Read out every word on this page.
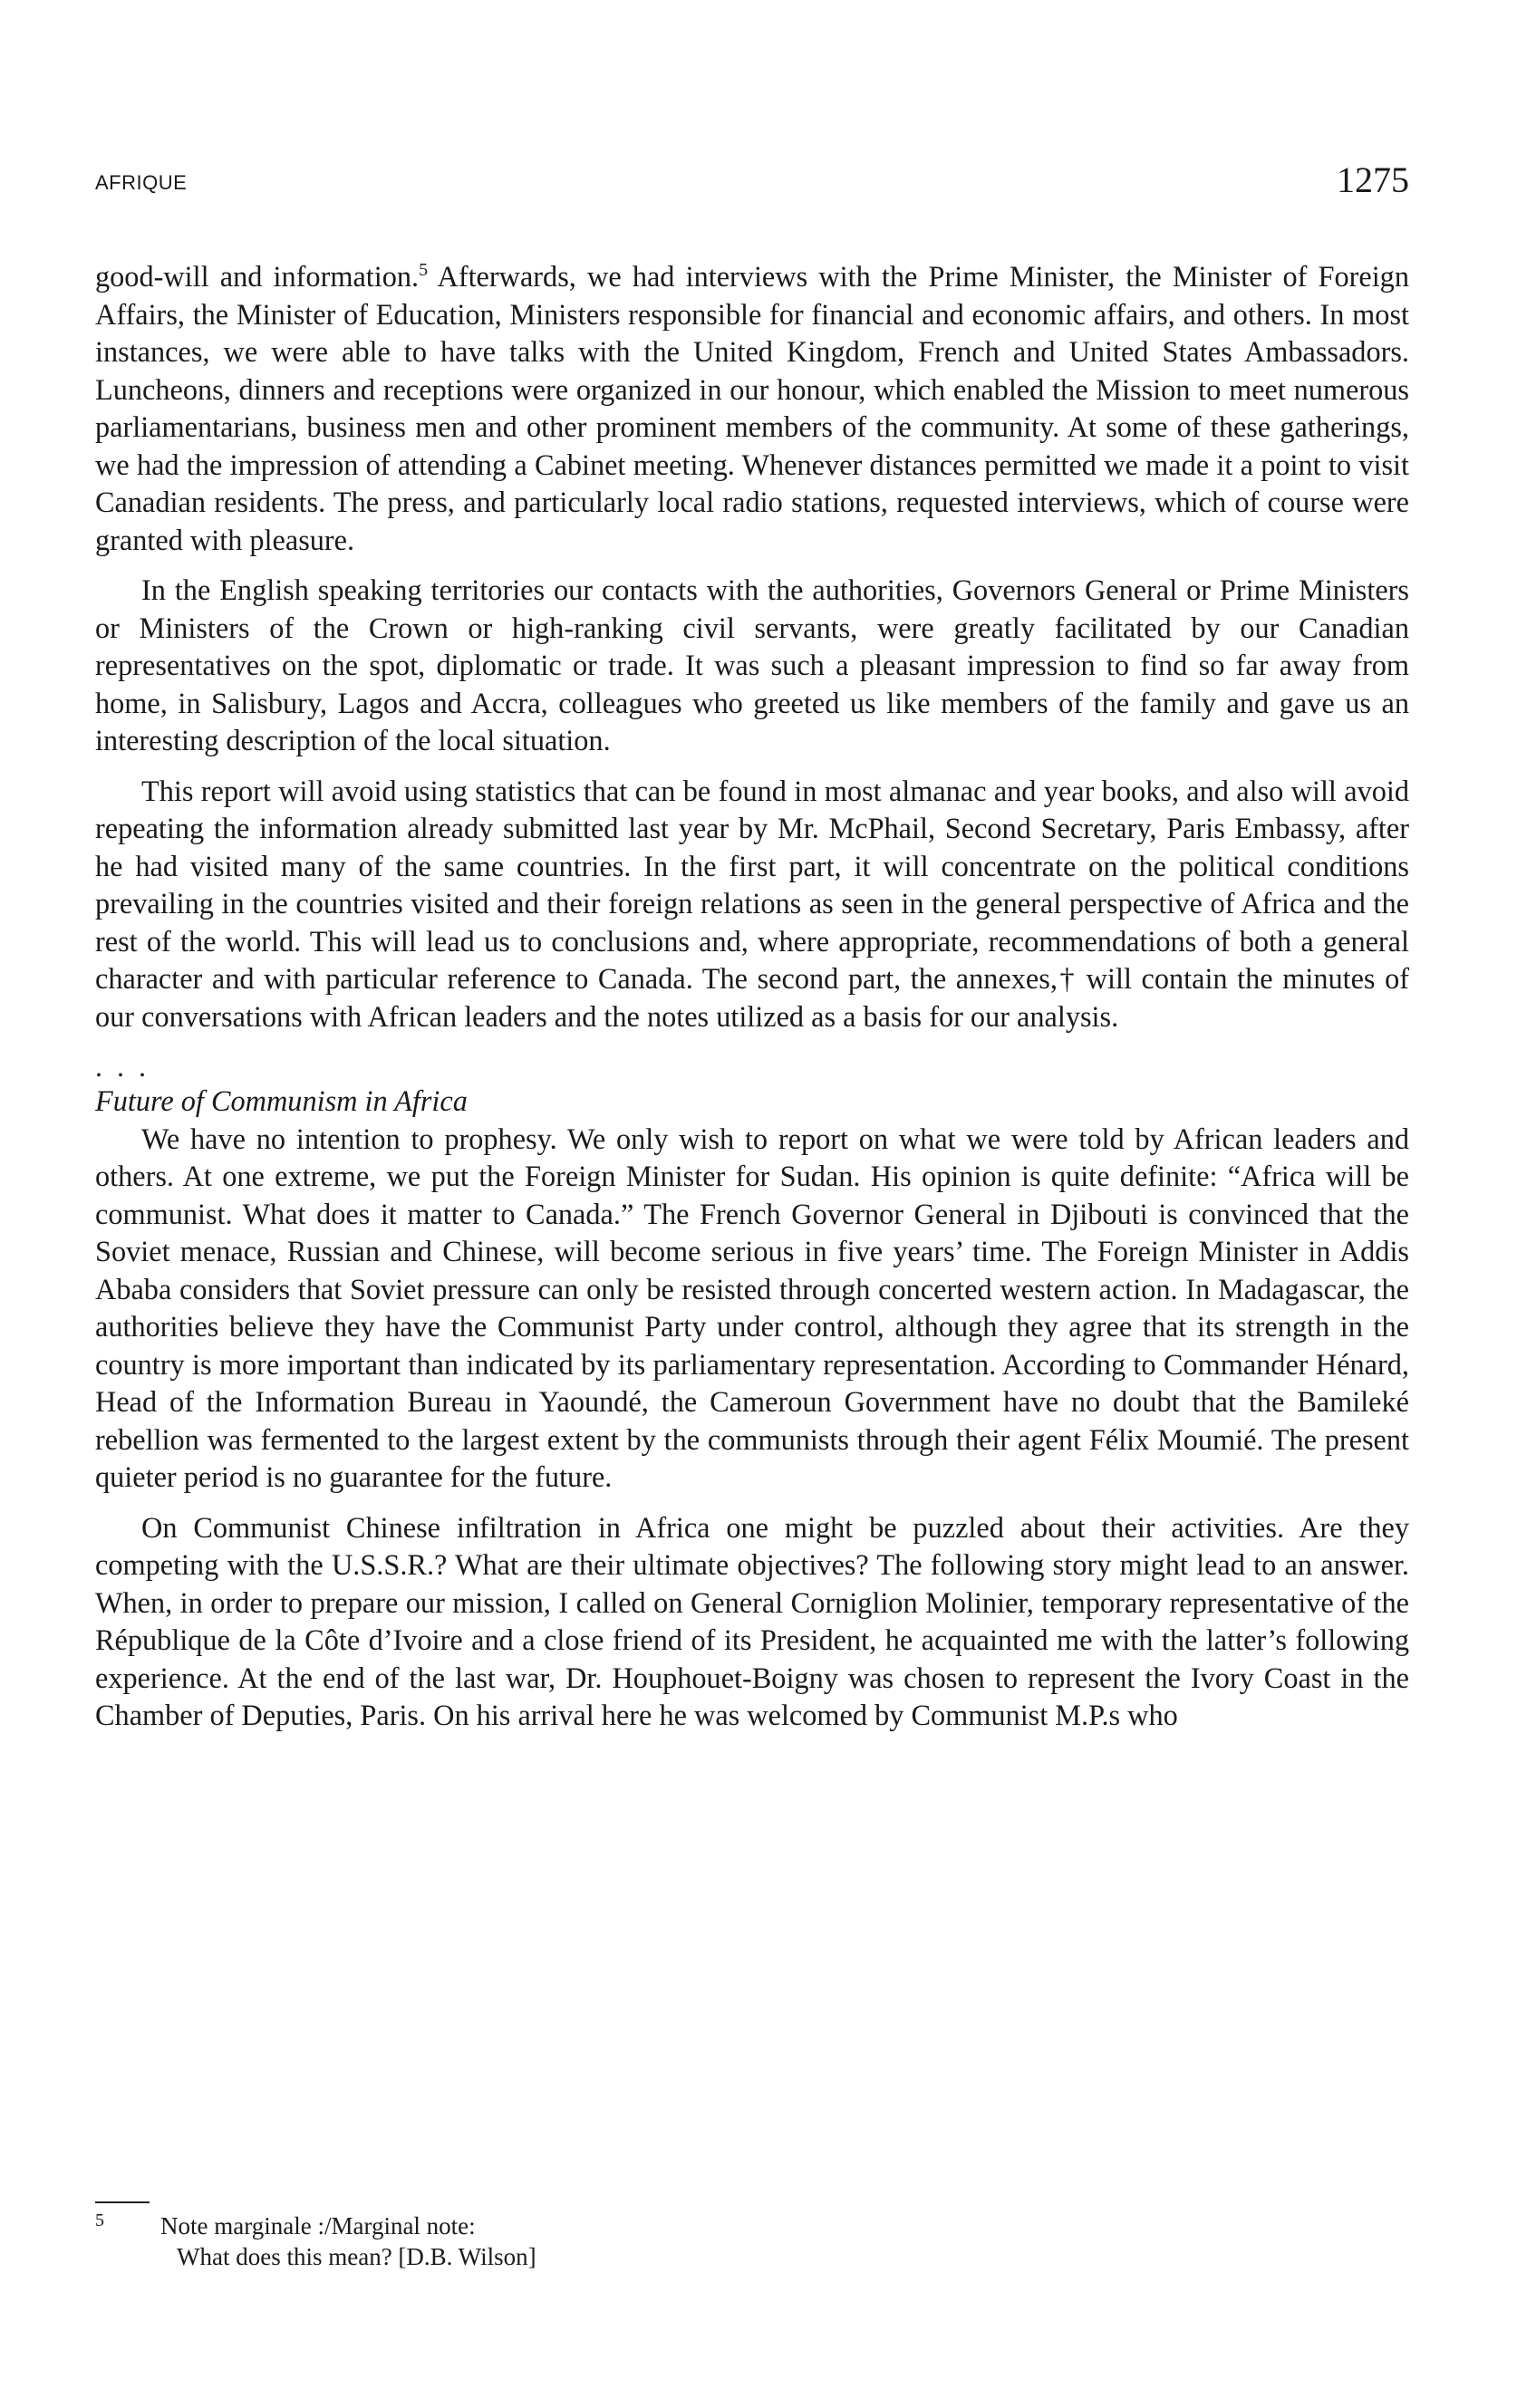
AFRIQUE	1275

good-will and information.$^5$ Afterwards, we had interviews with the Prime Minister, the Minister of Foreign Affairs, the Minister of Education, Ministers responsible for financial and economic affairs, and others. In most instances, we were able to have talks with the United Kingdom, French and United States Ambassadors. Luncheons, dinners and receptions were organized in our honour, which enabled the Mission to meet numerous parliamentarians, business men and other prominent members of the community. At some of these gatherings, we had the impression of attending a Cabinet meeting. Whenever distances permitted we made it a point to visit Canadian residents. The press, and particularly local radio stations, requested interviews, which of course were granted with pleasure.

In the English speaking territories our contacts with the authorities, Governors General or Prime Ministers or Ministers of the Crown or high-ranking civil servants, were greatly facilitated by our Canadian representatives on the spot, diplomatic or trade. It was such a pleasant impression to find so far away from home, in Salisbury, Lagos and Accra, colleagues who greeted us like members of the family and gave us an interesting description of the local situation.

This report will avoid using statistics that can be found in most almanac and year books, and also will avoid repeating the information already submitted last year by Mr. McPhail, Second Secretary, Paris Embassy, after he had visited many of the same countries. In the first part, it will concentrate on the political conditions prevailing in the countries visited and their foreign relations as seen in the general perspective of Africa and the rest of the world. This will lead us to conclusions and, where appropriate, recommendations of both a general character and with particular reference to Canada. The second part, the annexes,† will contain the minutes of our conversations with African leaders and the notes utilized as a basis for our analysis.

. . .
Future of Communism in Africa

We have no intention to prophesy. We only wish to report on what we were told by African leaders and others. At one extreme, we put the Foreign Minister for Sudan. His opinion is quite definite: “Africa will be communist. What does it matter to Canada.” The French Governor General in Djibouti is convinced that the Soviet menace, Russian and Chinese, will become serious in five years’ time. The Foreign Minister in Addis Ababa considers that Soviet pressure can only be resisted through concerted western action. In Madagascar, the authorities believe they have the Communist Party under control, although they agree that its strength in the country is more important than indicated by its parliamentary representation. According to Commander Hénard, Head of the Information Bureau in Yaoundé, the Cameroun Government have no doubt that the Bamileké rebellion was fermented to the largest extent by the communists through their agent Félix Moumié. The present quieter period is no guarantee for the future.

On Communist Chinese infiltration in Africa one might be puzzled about their activities. Are they competing with the U.S.S.R.? What are their ultimate objectives? The following story might lead to an answer. When, in order to prepare our mission, I called on General Corniglion Molinier, temporary representative of the République de la Côte d’Ivoire and a close friend of its President, he acquainted me with the latter’s following experience. At the end of the last war, Dr. Houphouet-Boigny was chosen to represent the Ivory Coast in the Chamber of Deputies, Paris. On his arrival here he was welcomed by Communist M.P.s who

5	Note marginale :/Marginal note:
What does this mean? [D.B. Wilson]
